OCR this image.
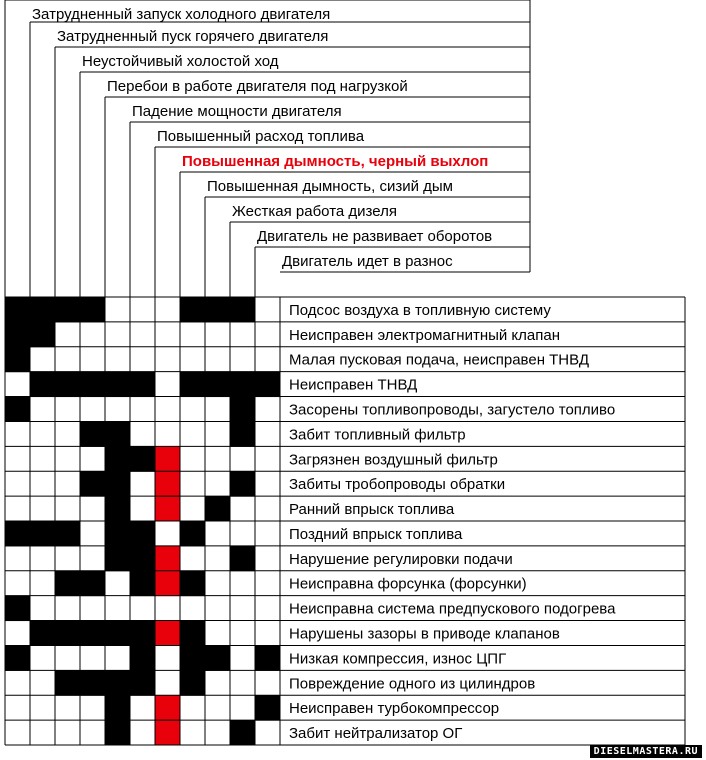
Затрудненный запуск холодного двигателя
Затрудненный пуск горячего двигателя
Неустойчивый холостой ход
Перебои в работе двигателя под нагрузкой
Падение мощности двигателя
Повышенный расход топлива
Повышенная дымность, черный выхлоп
Повышенная дымность, сизий дым
Жесткая работа дизеля
Двигатель не развивает оборотов
Двигатель идет в разнос
Подсос воздуха в топливную систему
Неисправен электромагнитный клапан
Малая пусковая подача, неисправен ТНВД
Неисправен ТНВД
Засорены топливопроводы, загустело топливо
Забит топливный фильтр
Загрязнен воздушный фильтр
Забиты тробопроводы обратки
Ранний впрыск топлива
Поздний впрыск топлива
Нарушение регулировки подачи
Неисправна форсунка (форсунки)
Неисправна система предпускового подогрева
Нарушены зазоры в приводе клапанов
Низкая компрессия, износ ЦПГ
Повреждение одного из цилиндров
Неисправен турбокомпрессор
Забит нейтрализатор ОГ
DIESELMASTERA.RU
